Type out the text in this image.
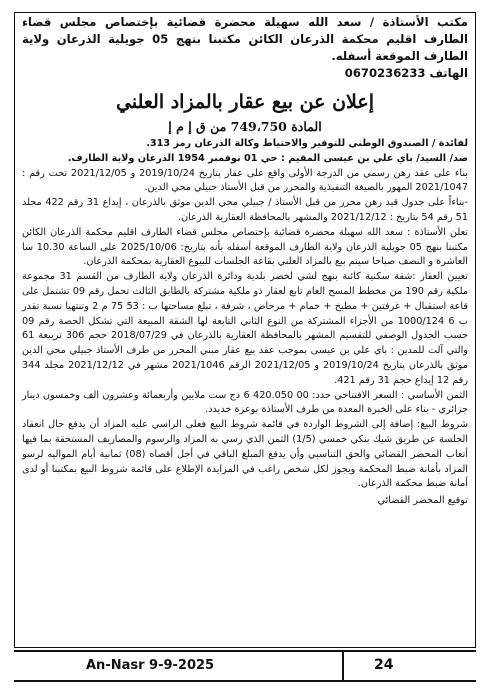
مكتب الأستاذة / سعد الله سهيلة محضرة قضائية بإختصاص مجلس قضاء الطارف اقليم محكمة الذرعان الكائن مكتبنا بنهج 05 جويلية الذرعان ولاية الطارف الموقعة أسفله.
الهاتف 0670236233
إعلان عن بيع عقار بالمزاد العلني
المادة 749،750 من ق إ م إ

لفائدة / الصندوق الوطني للتوفير والاحتياط وكالة الذرعان رمز 313.

ضد/ السيد/ باي علي بن عيسى المقيم : حي 01 نوفمبر 1954 الذرعان ولاية الطارف.

بناء على عقد رهن رسمي من الدرجة الأولى واقع على عقار بتاريخ 2019/10/24 و 2021/12/05 تحت رقم : 2021/1047 المهور بالصيغة التنفيذية والمحرر من قبل الأستاذ جبيلي محي الدين.

-بناءاً على جدول قيد رهن محرر من قبل الأستاذ / جبيلي محي الدين موثق بالذرعان ، إيداع 31 رقم 422 مجلد 51 رقم 54 بتاريخ : 2021/12/12 والمشهر بالمحافظة العقارية الذرعان.

تعلن الأستاذة : سعد الله سهيلة محضرة قضائية بإختصاص مجلس قضاء الطارف اقليم محكمة الذرعان الكائن مكتبنا بنهج 05 جويلية الذرعان ولاية الطارف الموقعة أسفله بأنه بتاريخ: 2025/10/06 على الساعة 10.30 سا العاشرة و النصف صباحا سيتم بيع بالمزاد العلني بقاعة الجلسات للبيوع العقارية بمحكمة الذرعان.

تعيين العقار :شقة سكنية كائنة بنهج لشي لخضر بلدية ودائرة الذرعان ولاية الطارف من القسم 31 مجموعة ملكية رقم 190 من مخطط المسح العام تابع لعقار ذو ملكية مشتركة بالطابق الثالث تحمل رقم 09 تشتمل على قاعة استقبال + غرفتين + مطبخ + حمام + مرحاض ، شرفة ، تبلغ مساحتها ب : 53 75 م 2 وتنتهيا نسبة تقدر ب 6 1000/124 من الأجزاء المشتركة من النوع الثاني التابعة لها الشقة المبيعة التي تشكل الحصة رقم 09 حسب الجدول الوصفي للتقسيم المشهر بالمحافظة العقارية بالذرعان في 2018/07/29 حجم 306 تريبعة 61 والتي آلت للمدين : باي علي بن عيسى بموجب عقد بيع عقار مبني المحرر من طرف الأستاذ جبيلي محي الدين موثق بالذرعان بتاريخ 2019/10/24 و 2021/12/05 الرقم 2021/1046 مشهر في 2021/12/12 مجلد 344 رقم 12 إيداع حجم 31 رقم 421.

الثمن الأساسي : السعر الافتتاحي حدد: 00 420.050 6 دج ست ملايين وأربعمائة وعشرون الف وخمسون دينار جزائري - بناء على الخبرة المعدة من طرف الأستاذة بوعزة خديدد.

شروط البيع: إضافة إلى الشروط الواردة في قائمة شروط البيع فعلى الراسي عليه المزاد أن يدفع حال انعقاد الجلسة عن طريق شيك بنكي خمسي (1/5) الثمن الذي رسي به المزاد والرسوم والمصاريف المستحقة بما فيها أتعاب المحضر القضائي والحق التناسبي وأن يدفع المبلغ الباقي في أجل أقصاه (08) ثمانية أيام المواليه لرسو المزاد بأمانة ضبط المحكمة ويجوز لكل شخص راغب في المزايدة الإطلاع على قائمة شروط البيع بمكتبنا أو لدى أمانة ضبط محكمة الذرعان.

توقيع المحضر القضائي
An-Nasr 9-9-2025	24
